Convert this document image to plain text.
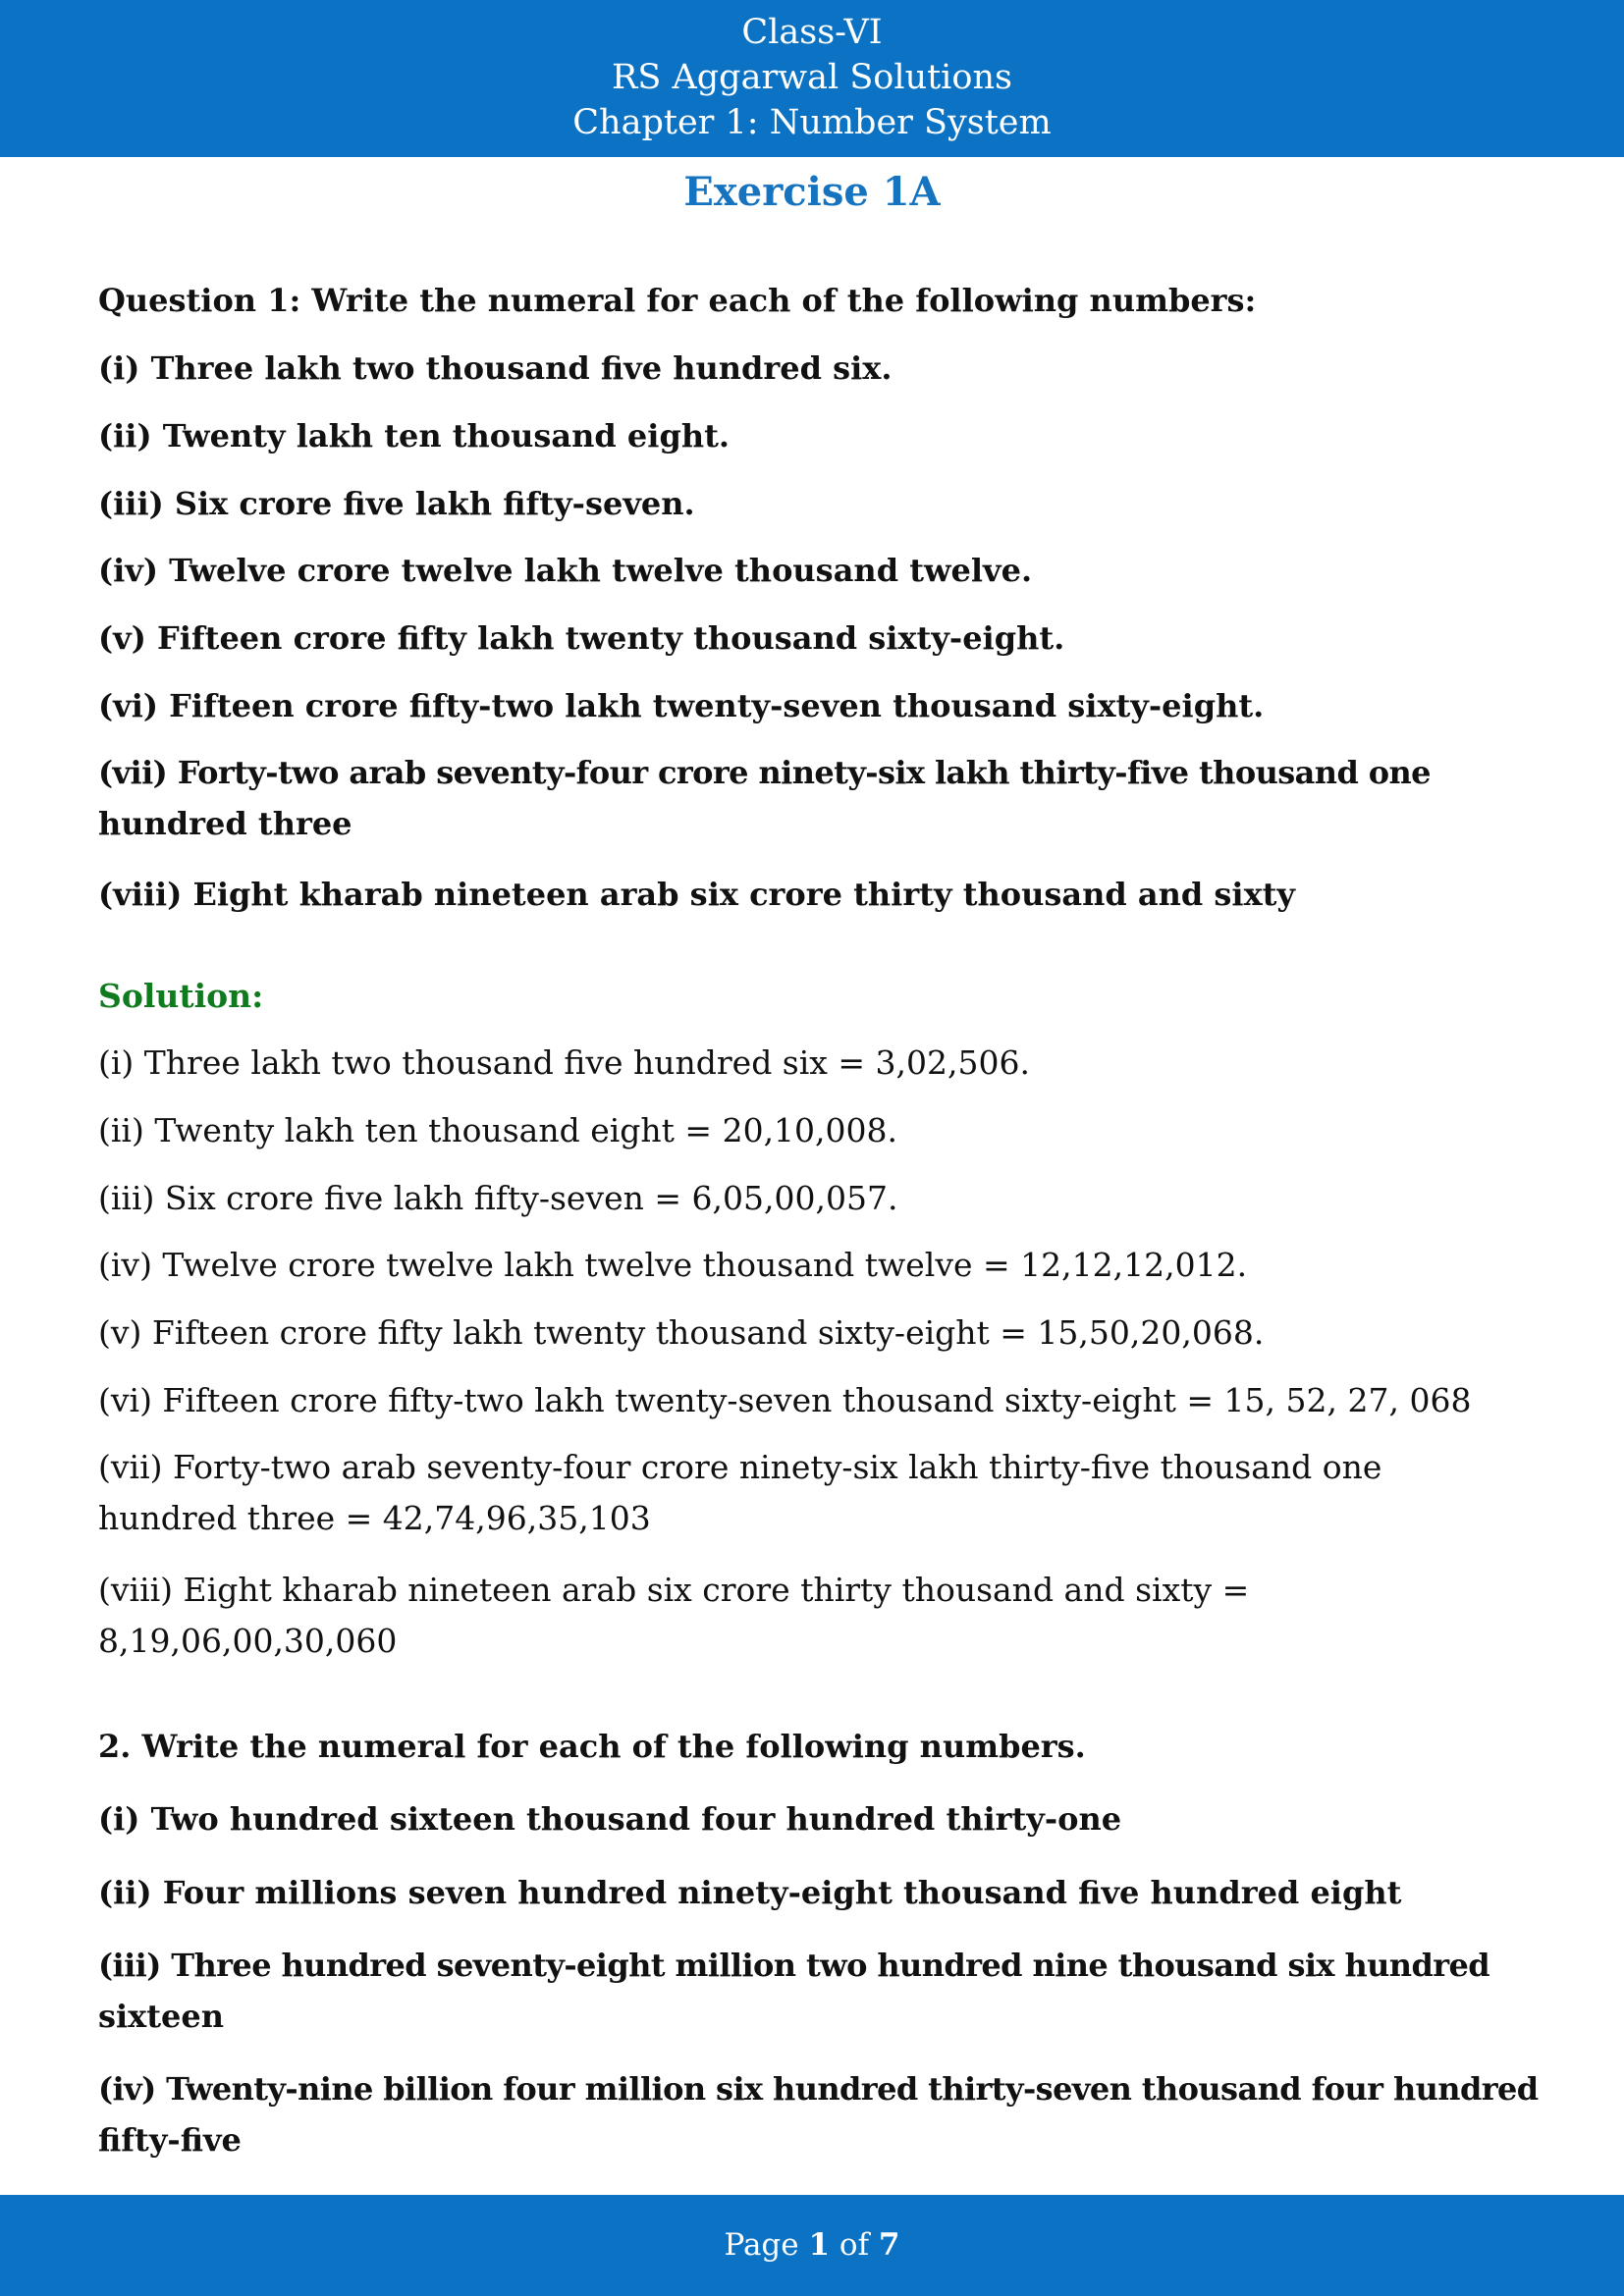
Class-VI
RS Aggarwal Solutions
Chapter 1: Number System
Exercise 1A
Question 1: Write the numeral for each of the following numbers:
(i) Three lakh two thousand five hundred six.
(ii) Twenty lakh ten thousand eight.
(iii) Six crore five lakh fifty-seven.
(iv) Twelve crore twelve lakh twelve thousand twelve.
(v) Fifteen crore fifty lakh twenty thousand sixty-eight.
(vi) Fifteen crore fifty-two lakh twenty-seven thousand sixty-eight.
(vii) Forty-two arab seventy-four crore ninety-six lakh thirty-five thousand one
hundred three
(viii) Eight kharab nineteen arab six crore thirty thousand and sixty
Solution:
(i) Three lakh two thousand five hundred six = 3,02,506.
(ii) Twenty lakh ten thousand eight = 20,10,008.
(iii) Six crore five lakh fifty-seven = 6,05,00,057.
(iv) Twelve crore twelve lakh twelve thousand twelve = 12,12,12,012.
(v) Fifteen crore fifty lakh twenty thousand sixty-eight = 15,50,20,068.
(vi) Fifteen crore fifty-two lakh twenty-seven thousand sixty-eight = 15, 52, 27, 068
(vii) Forty-two arab seventy-four crore ninety-six lakh thirty-five thousand one
hundred three = 42,74,96,35,103
(viii) Eight kharab nineteen arab six crore thirty thousand and sixty =
8,19,06,00,30,060
2. Write the numeral for each of the following numbers.
(i) Two hundred sixteen thousand four hundred thirty-one
(ii) Four millions seven hundred ninety-eight thousand five hundred eight
(iii) Three hundred seventy-eight million two hundred nine thousand six hundred
sixteen
(iv) Twenty-nine billion four million six hundred thirty-seven thousand four hundred
fifty-five
Page 1 of 7
